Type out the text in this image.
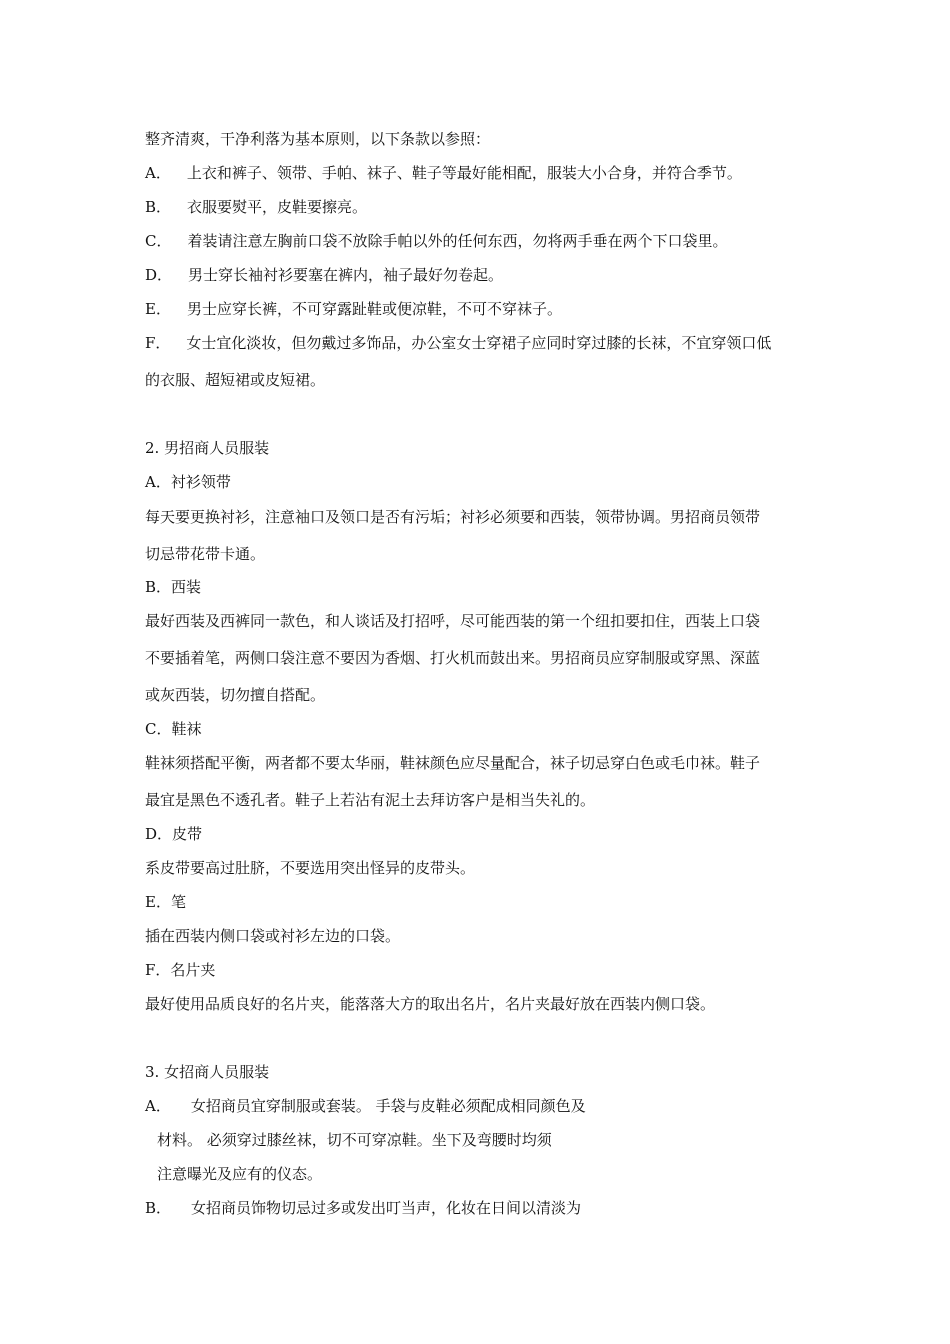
整齐清爽，干净利落为基本原则，以下条款以参照：
A． 上衣和裤子、领带、手帕、袜子、鞋子等最好能相配，服装大小合身，并符合季节。
B． 衣服要熨平，皮鞋要擦亮。
C． 着装请注意左胸前口袋不放除手帕以外的任何东西，勿将两手垂在两个下口袋里。
D． 男士穿长袖衬衫要塞在裤内，袖子最好勿卷起。
E． 男士应穿长裤，不可穿露趾鞋或便凉鞋，不可不穿袜子。
F． 女士宜化淡妆，但勿戴过多饰品，办公室女士穿裙子应同时穿过膝的长袜，不宜穿领口低
的衣服、超短裙或皮短裙。
2. 男招商人员服装
A．衬衫领带
每天要更换衬衫，注意袖口及领口是否有污垢；衬衫必须要和西装，领带协调。男招商员领带
切忌带花带卡通。
B．西装
最好西装及西裤同一款色，和人谈话及打招呼，尽可能西装的第一个纽扣要扣住，西装上口袋
不要插着笔，两侧口袋注意不要因为香烟、打火机而鼓出来。男招商员应穿制服或穿黑、深蓝
或灰西装，切勿擅自搭配。
C．鞋袜
鞋袜须搭配平衡，两者都不要太华丽，鞋袜颜色应尽量配合，袜子切忌穿白色或毛巾袜。鞋子
最宜是黑色不透孔者。鞋子上若沾有泥土去拜访客户是相当失礼的。
D．皮带
系皮带要高过肚脐，不要选用突出怪异的皮带头。
E．笔
插在西装内侧口袋或衬衫左边的口袋。
F．名片夹
最好使用品质良好的名片夹，能落落大方的取出名片，名片夹最好放在西装内侧口袋。
3. 女招商人员服装
A． 女招商员宜穿制服或套装。 手袋与皮鞋必须配成相同颜色及
材料。 必须穿过膝丝袜，切不可穿凉鞋。坐下及弯腰时均须
注意曝光及应有的仪态。
B． 女招商员饰物切忌过多或发出叮当声，化妆在日间以清淡为
